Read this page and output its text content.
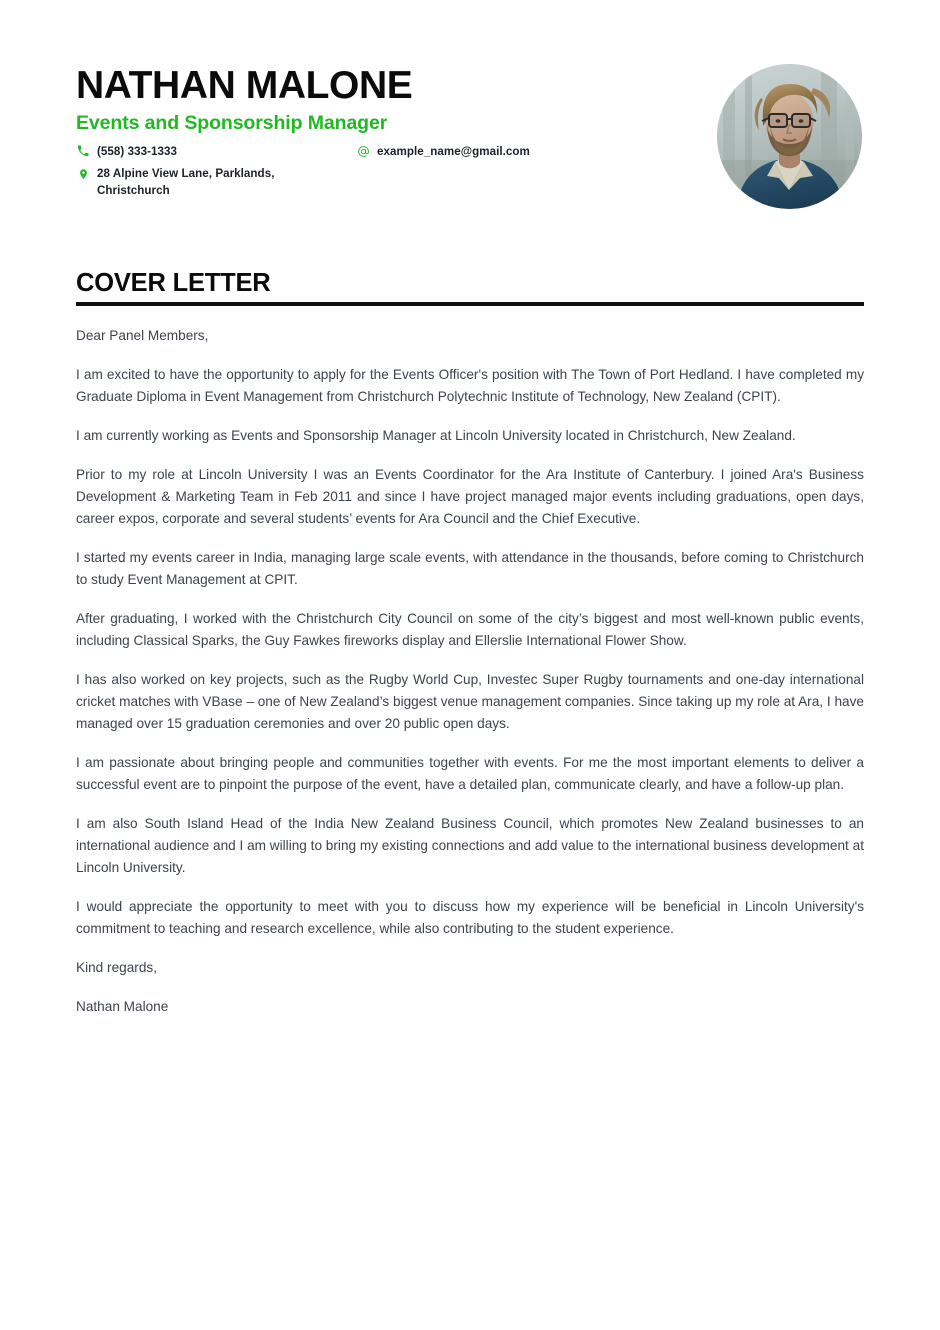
NATHAN MALONE
Events and Sponsorship Manager
(558) 333-1333	example_name@gmail.com
28 Alpine View Lane, Parklands,
Christchurch
COVER LETTER

Dear Panel Members,

I am excited to have the opportunity to apply for the Events Officer's position with The Town of Port Hedland. I have completed my Graduate Diploma in Event Management from Christchurch Polytechnic Institute of Technology, New Zealand (CPIT).

I am currently working as Events and Sponsorship Manager at Lincoln University located in Christchurch, New Zealand.

Prior to my role at Lincoln University I was an Events Coordinator for the Ara Institute of Canterbury. I joined Ara's Business Development & Marketing Team in Feb 2011 and since I have project managed major events including graduations, open days, career expos, corporate and several students’ events for Ara Council and the Chief Executive.

I started my events career in India, managing large scale events, with attendance in the thousands, before coming to Christchurch to study Event Management at CPIT.

After graduating, I worked with the Christchurch City Council on some of the city’s biggest and most well-known public events, including Classical Sparks, the Guy Fawkes fireworks display and Ellerslie International Flower Show.

I has also worked on key projects, such as the Rugby World Cup, Investec Super Rugby tournaments and one-day international cricket matches with VBase – one of New Zealand’s biggest venue management companies. Since taking up my role at Ara, I have managed over 15 graduation ceremonies and over 20 public open days.

I am passionate about bringing people and communities together with events. For me the most important elements to deliver a successful event are to pinpoint the purpose of the event, have a detailed plan, communicate clearly, and have a follow-up plan.

I am also South Island Head of the India New Zealand Business Council, which promotes New Zealand businesses to an international audience and I am willing to bring my existing connections and add value to the international business development at Lincoln University.

I would appreciate the opportunity to meet with you to discuss how my experience will be beneficial in Lincoln University's commitment to teaching and research excellence, while also contributing to the student experience.

Kind regards,

Nathan Malone
